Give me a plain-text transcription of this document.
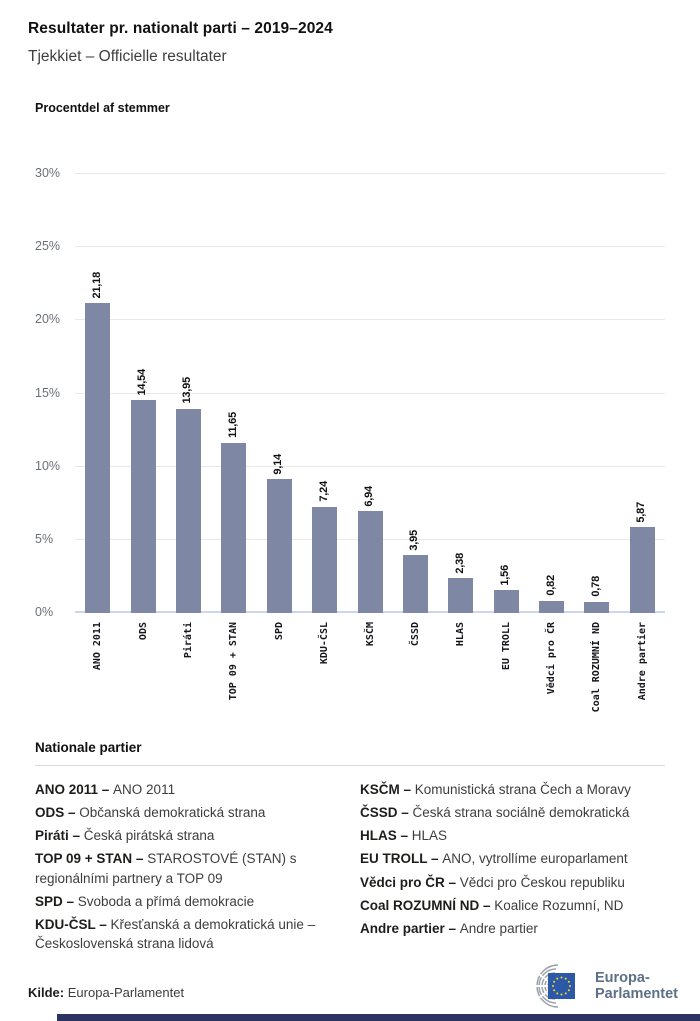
Resultater pr. nationalt parti – 2019–2024
Tjekkiet – Officielle resultater
Procentdel af stemmer
21,18
14,54	13,95
11,65
9,14
7,24	6,94
3,95
2,38
1,56
0,82	0,78
5,87
0%
5%
10%
15%
20%
25%
30%
ANO 2011	ODS	Piráti	TOP 09 + STAN	SPD	KDU-ČSL	KSČM	ČSSD	HLAS	EU TROLL	Vědci pro ČR	Coal ROZUMNÍ ND	Andre partier
Nationale partier

ANO 2011 – ANO 2011

ODS – Občanská demokratická strana

Piráti – Česká pirátská strana

TOP 09 + STAN – STAROSTOVÉ (STAN) s regionálními partnery a TOP 09

SPD – Svoboda a přímá demokracie

KDU-ČSL – Křesťanská a demokratická unie – Československá strana lidová

KSČM – Komunistická strana Čech a Moravy

ČSSD – Česká strana sociálně demokratická

HLAS – HLAS

EU TROLL – ANO, vytrollíme europarlament

Vědci pro ČR – Vědci pro Českou republiku

Coal ROZUMNÍ ND – Koalice Rozumní, ND

Andre partier – Andre partier

Kilde: Europa-Parlamentet
Europa-
Parlamentet
